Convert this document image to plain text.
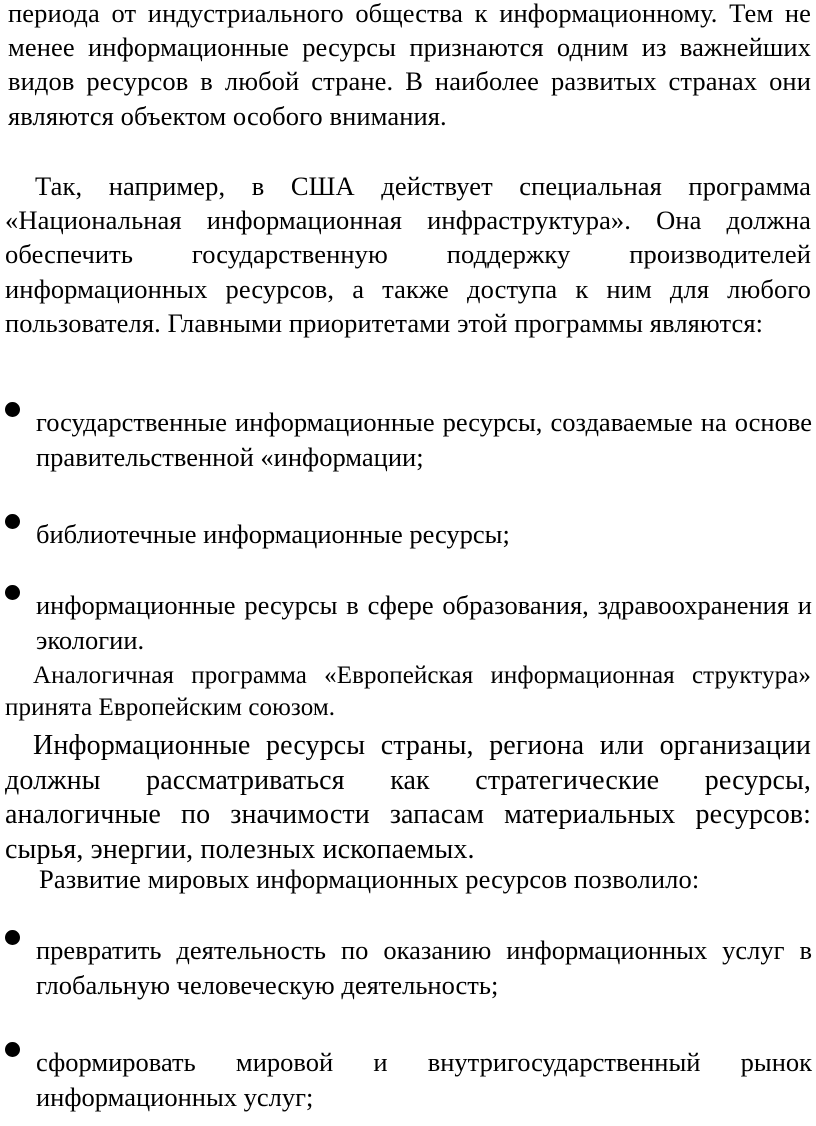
периода от индустриального общества к информационному. Тем не менее информационные ресурсы признаются одним из важнейших видов ресурсов в любой стране. В наиболее развитых странах они являются объектом особого внимания.

Так, например, в США действует специальная программа «Национальная информационная инфраструктура». Она должна обеспечить государственную поддержку производителей информационных ресурсов, а также доступа к ним для любого пользователя. Главными приоритетами этой программы являются:

государственные информационные ресурсы, создаваемые на основе правительственной «информации;

библиотечные информационные ресурсы;

информационные ресурсы в сфере образования, здравоохранения и экологии.

Аналогичная программа «Европейская информационная структура» принята Европейским союзом.

Информационные ресурсы страны, региона или организации должны рассматриваться как стратегические ресурсы, аналогичные по значимости запасам материальных ресурсов: сырья, энергии, полезных ископаемых.

Развитие мировых информационных ресурсов позволило:

превратить деятельность по оказанию информационных услуг в глобальную человеческую деятельность;

сформировать мировой и внутригосударственный рынок информационных услуг;
